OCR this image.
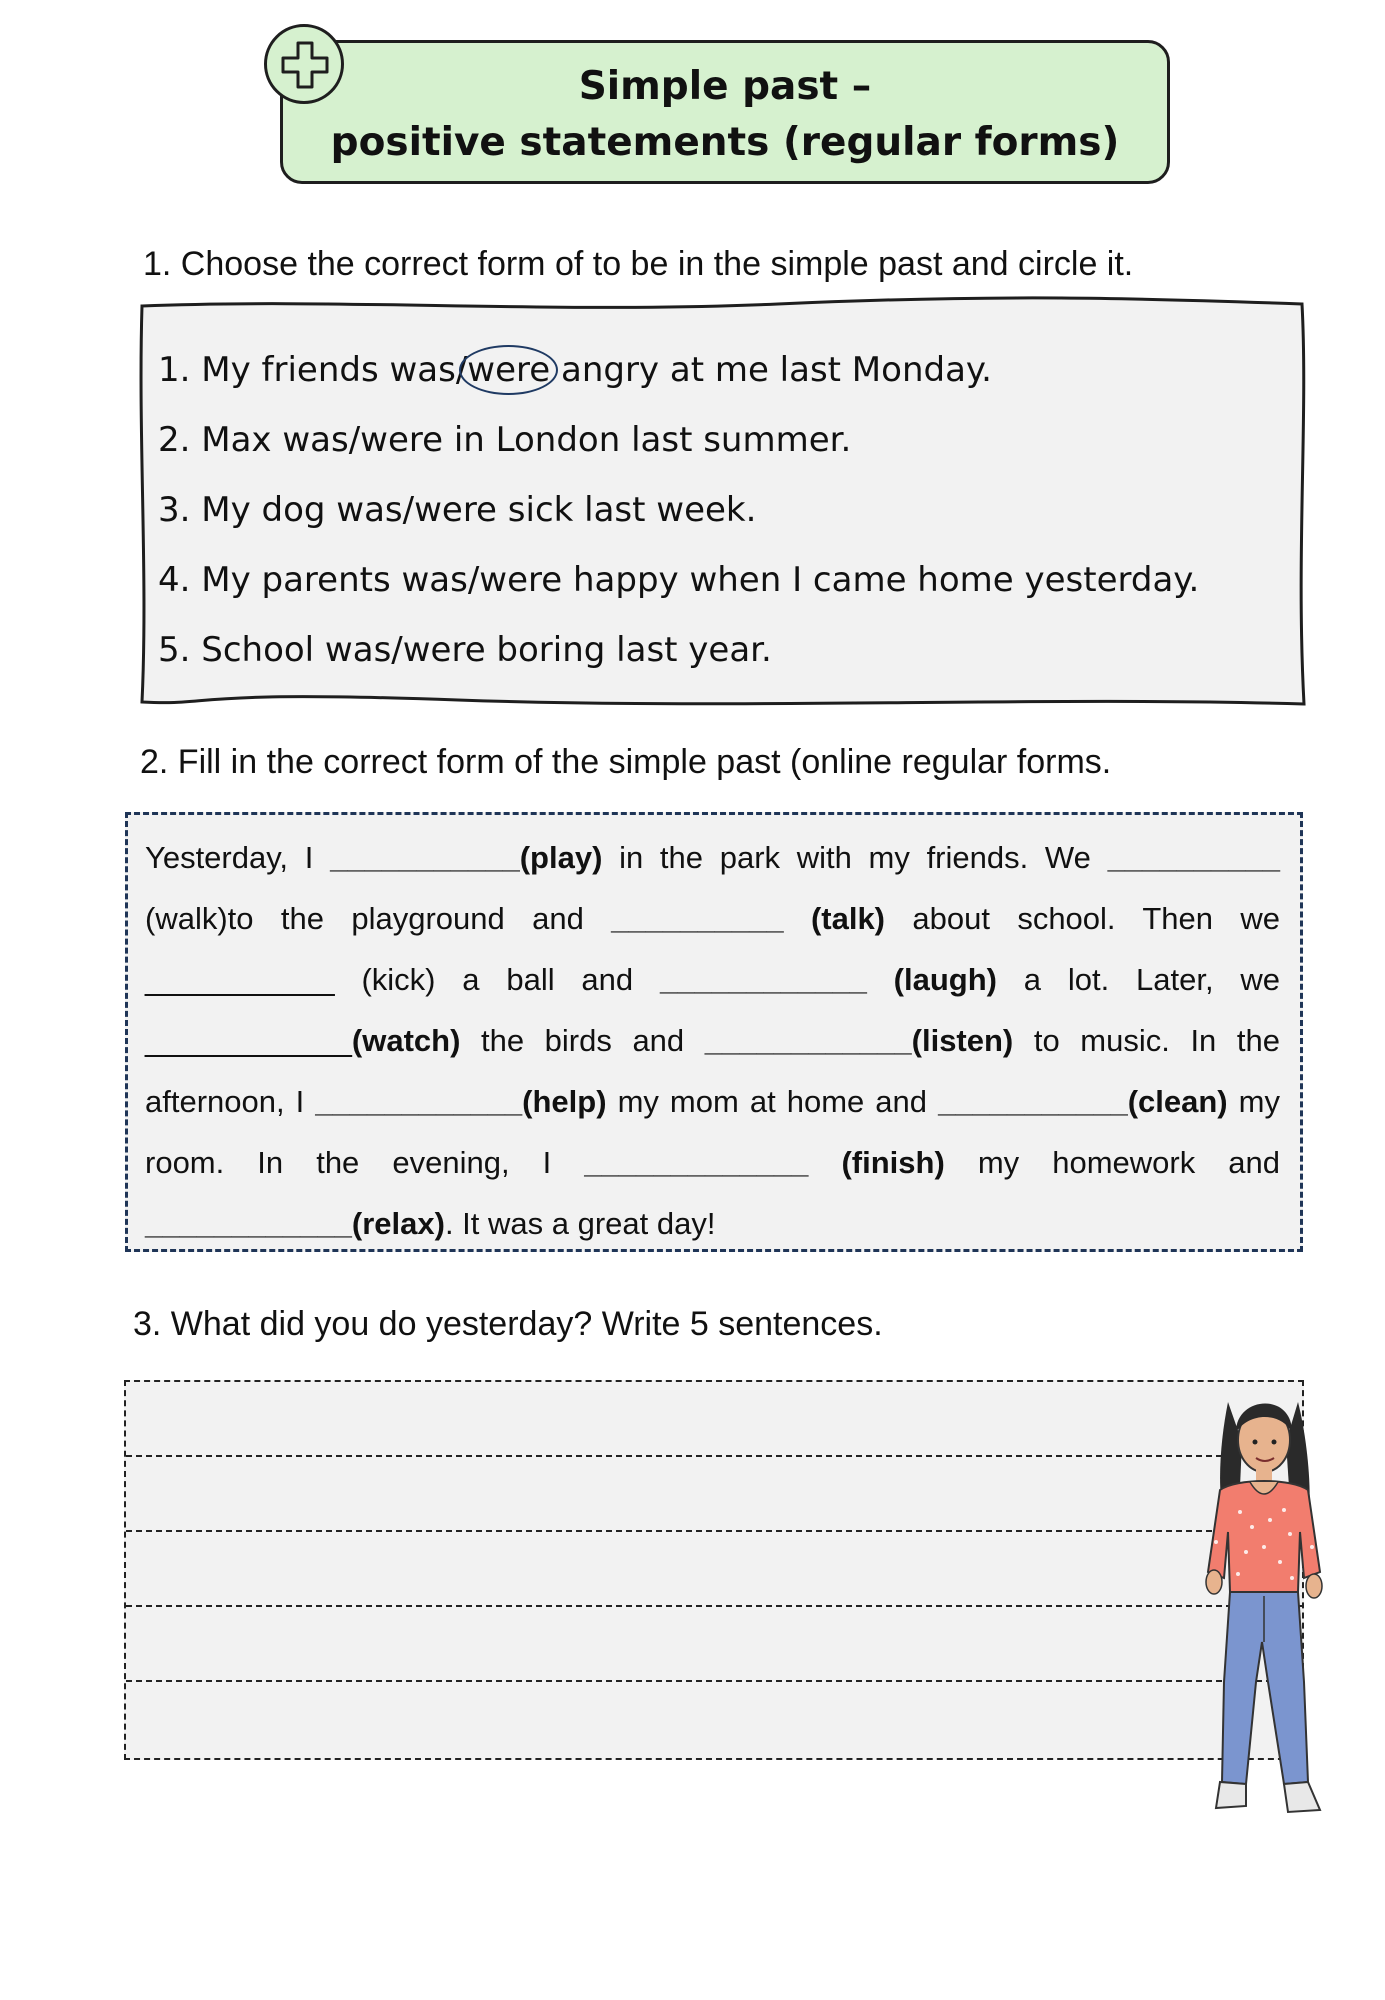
Simple past –
positive statements (regular forms)
1. Choose the correct form of to be in the simple past and circle it.
1. My friends was/were angry at me last Monday.
2. Max was/were in London last summer.
3. My dog was/were sick last week.
4. My parents was/were happy when I came home yesterday.
5. School was/were boring last year.
2. Fill in the correct form of the simple past (online regular forms.
Yesterday, I ___________(play) in the park with my friends. We __________ (walk)to the playground and __________ (talk) about school. Then we ___________ (kick) a ball and ____________ (laugh) a lot. Later, we ____________(watch) the birds and ____________(listen) to music. In the afternoon, I ____________(help) my mom at home and ___________(clean) my room. In the evening, I _____________ (finish) my homework and ____________(relax). It was a great day!
3. What did you do yesterday? Write 5 sentences.
